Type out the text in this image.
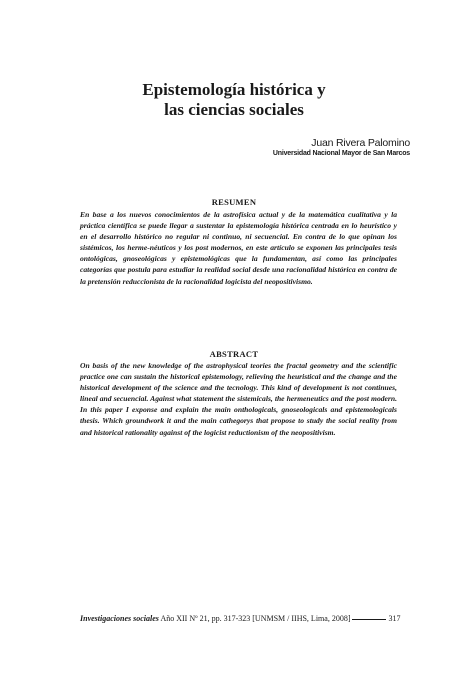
Epistemología histórica y
las ciencias sociales
Juan Rivera Palomino
Universidad Nacional Mayor de San Marcos
RESUMEN

En base a los nuevos conocimientos de la astrofísica actual y de la matemática cualitativa y la práctica científica se puede llegar a sustentar la epistemología histórica centrada en lo heurístico y en el desarrollo histórico no regular ni continuo, ni secuencial. En contra de lo que opinan los sistémicos, los herme-néuticos y los post modernos, en este artículo se exponen las principales tesis ontológicas, gnoseológicas y epistemológicas que la fundamentan, así como las principales categorías que postula para estudiar la realidad social desde una racionalidad histórica en contra de la pretensión reduccionista de la racionalidad logicista del neopositivismo.

ABSTRACT

On basis of the new knowledge of the astrophysical teories the fractal geometry and the scientific practice one can sustain the historical epistemology, relieving the heuristical and the change and the historical development of the science and the tecnology. This kind of development is not continues, lineal and secuencial. Against what statement the sistemicals, the hermeneutics and the post modern. In this paper I exponse and explain the main onthologicals, gnoseologicals and epistemologicals thesis. Which groundwork it and the main cathegorys that propose to study the social reality from and historical rationality against of the logicist reductionism of the neopositivism.

Investigaciones sociales Año XII Nº 21, pp. 317-323 [UNMSM / IIHS, Lima, 2008]	317
